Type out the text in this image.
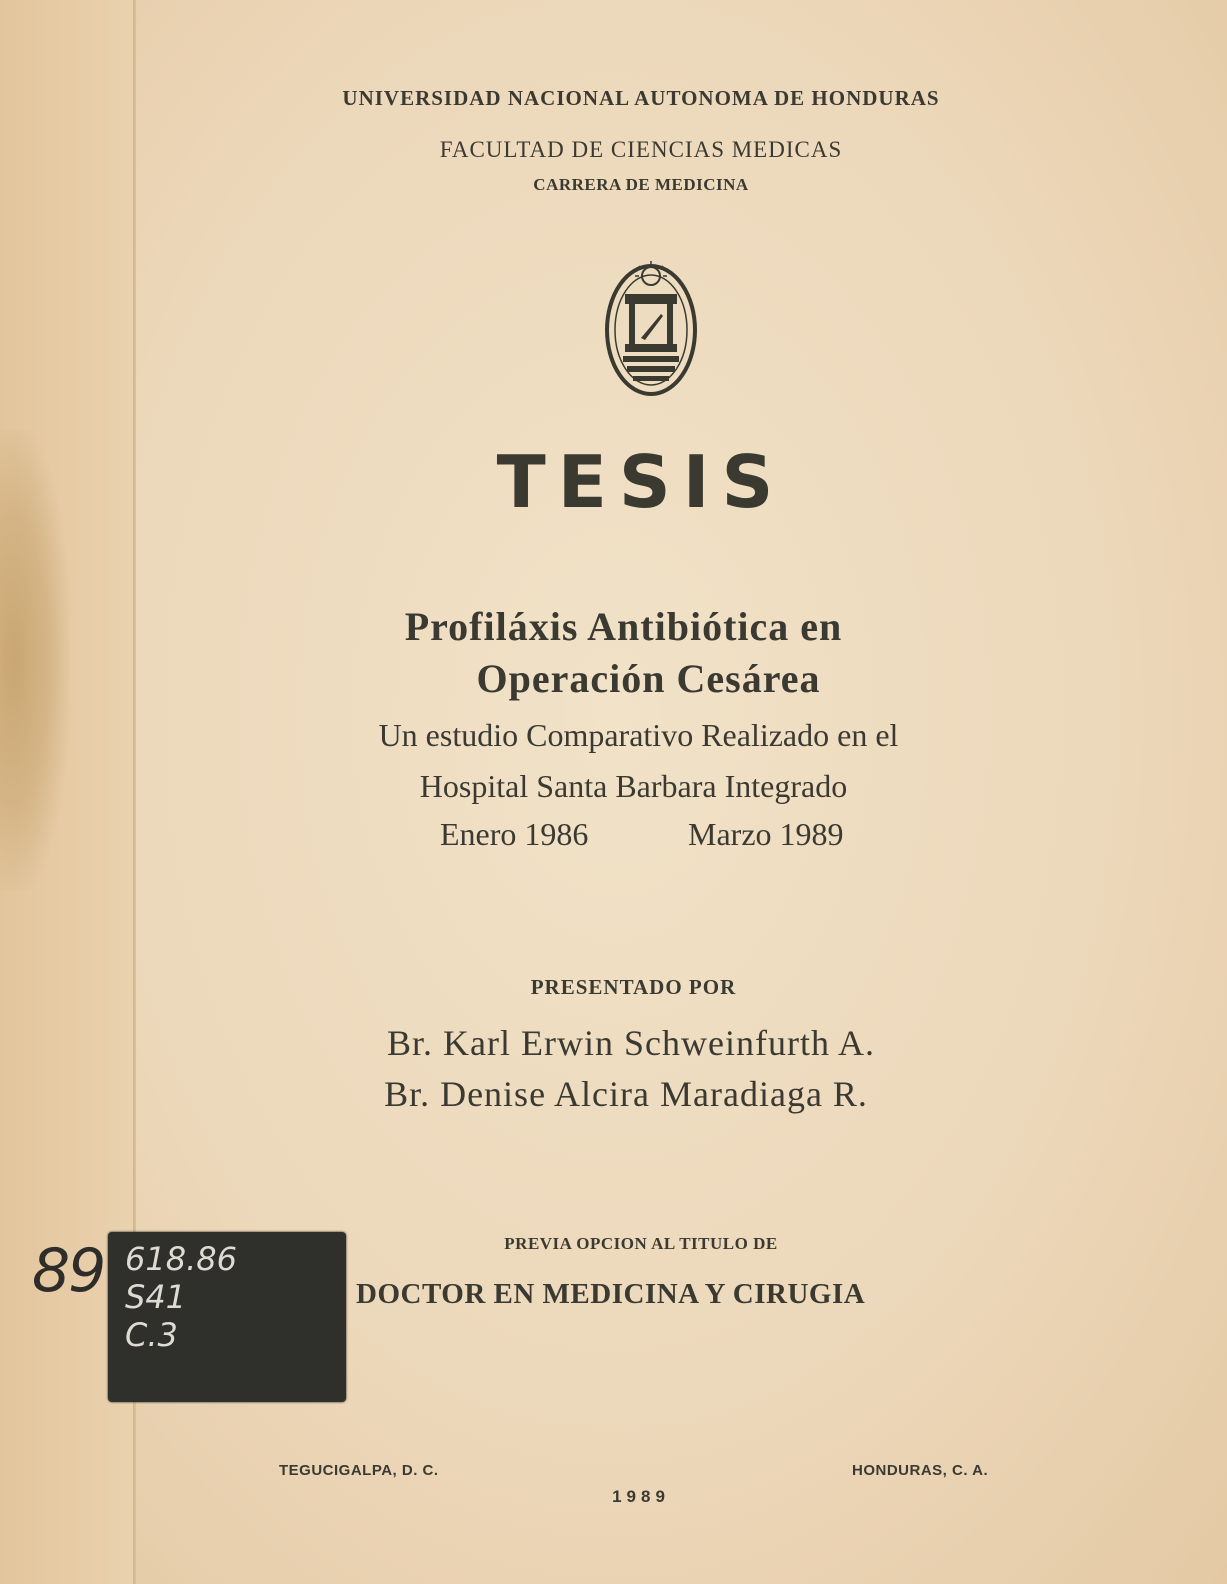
UNIVERSIDAD NACIONAL AUTONOMA DE HONDURAS
FACULTAD DE CIENCIAS MEDICAS
CARRERA DE MEDICINA
TESIS
Profiláxis Antibiótica en
Operación Cesárea
Un estudio Comparativo Realizado en el
Hospital Santa Barbara Integrado
Enero 1986	Marzo 1989
PRESENTADO POR
Br. Karl Erwin Schweinfurth A.
Br. Denise Alcira Maradiaga R.
PREVIA OPCION AL TITULO DE
DOCTOR EN MEDICINA Y CIRUGIA
89 618.86
S41
C.3
TEGUCIGALPA, D. C.	HONDURAS, C. A.
1989
